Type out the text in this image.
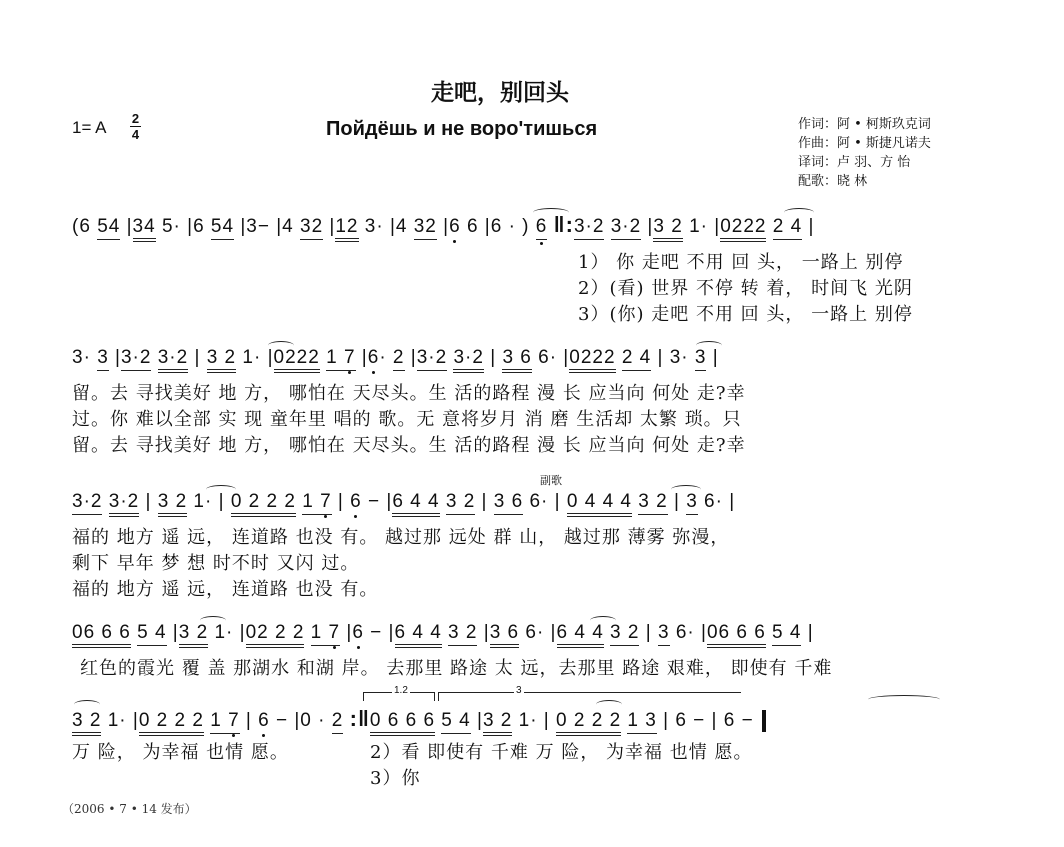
走吧，别回头
Пойдёшь и не воро'тишься
1= A 2
4
作词：阿 • 柯斯玖克词
作曲：阿 • 斯捷凡诺夫
译词：卢 羽、方 怡
配歌：晓 林
(6 54 |34 5· |6 54 |3− |4 32 |12 3· |4 32 |6 6 |6 · ) 6 ‖:3·2 3·2 |3 2 1· |0222 2 4 |
1） 你 走吧 不用 回 头， 一路上 别停
2）(看) 世界 不停 转 着， 时间飞 光阴
3）(你) 走吧 不用 回 头， 一路上 别停
3· 3 |3·2 3·2 | 3 2 1· |0222 1 7 |6· 2 |3·2 3·2 | 3 6 6· |0222 2 4 | 3· 3 |
留。去 寻找美好 地 方， 哪怕在 天尽头。生 活的路程 漫 长 应当向 何处 走?幸
过。你 难以全部 实 现 童年里 唱的 歌。无 意将岁月 消 磨 生活却 太繁 琐。只
留。去 寻找美好 地 方， 哪怕在 天尽头。生 活的路程 漫 长 应当向 何处 走?幸
副歌
3·2 3·2 | 3 2 1· | 0 2 2 2 1 7 | 6 − |6 4 4 3 2 | 3 6 6· | 0 4 4 4 3 2 | 3 6· |
福的 地方 遥 远， 连道路 也没 有。 越过那 远处 群 山， 越过那 薄雾 弥漫，
剩下 早年 梦 想 时不时 又闪 过。
福的 地方 遥 远， 连道路 也没 有。
06 6 6 5 4 |3 2 1· |02 2 2 1 7 |6 − |6 4 4 3 2 |3 6 6· |6 4 4 3 2 | 3 6· |06 6 6 5 4 |
红色的霞光 覆 盖 那湖水 和湖 岸。 去那里 路途 太 远，去那里 路途 艰难， 即使有 千难
1.2	3
3 2 1· |0 2 2 2 1 7 | 6 − |0 · 2 :‖0 6 6 6 5 4 |3 2 1· | 0 2 2 2 1 3 | 6 − | 6 −
万 险， 为幸福 也情 愿。	2）看 即使有 千难 万 险， 为幸福 也情 愿。
3）你
（2006 • 7 • 14 发布）
